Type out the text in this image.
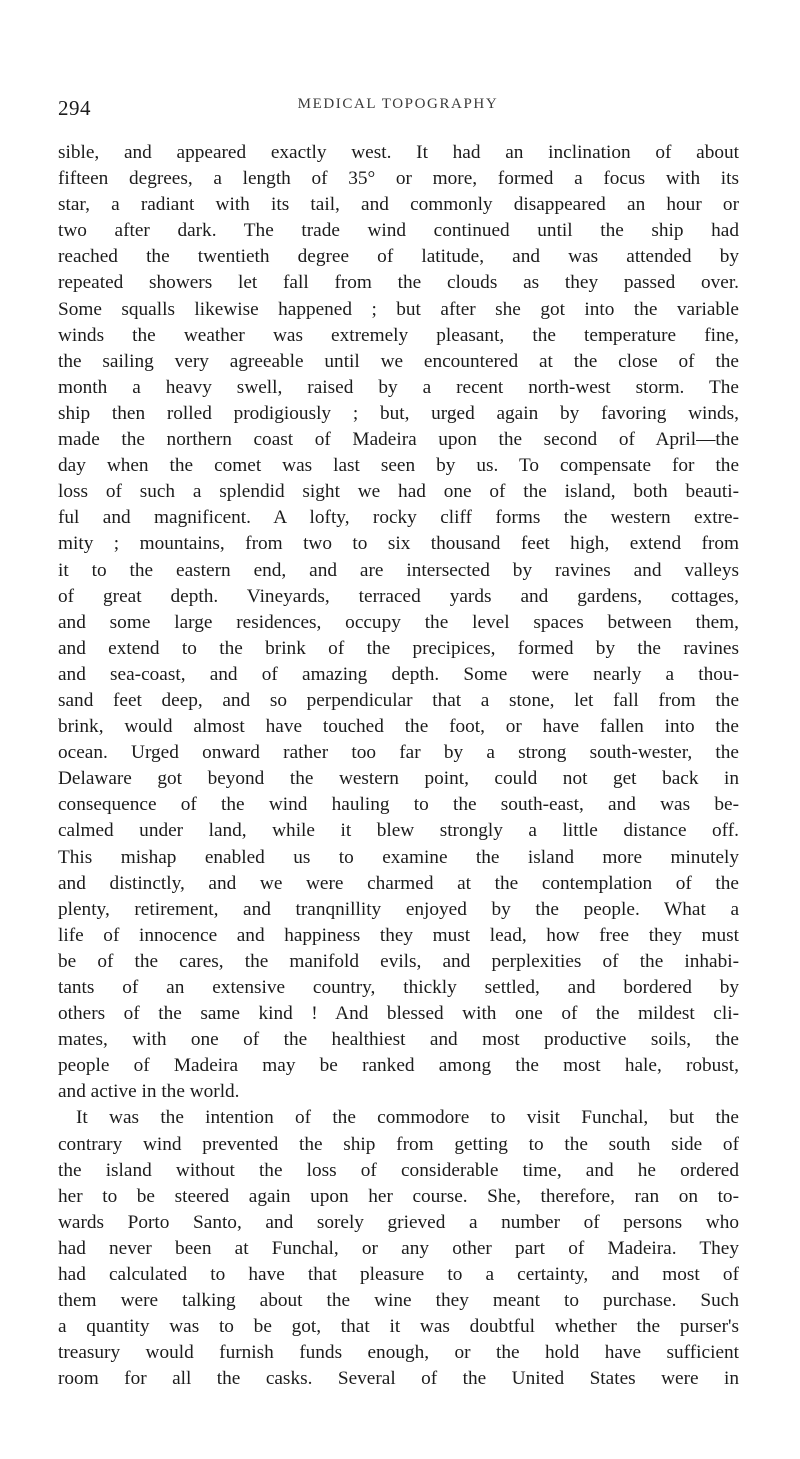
294	MEDICAL TOPOGRAPHY
sible, and appeared exactly west. It had an inclination of about
fifteen degrees, a length of 35° or more, formed a focus with its
star, a radiant with its tail, and commonly disappeared an hour or
two after dark. The trade wind continued until the ship had
reached the twentieth degree of latitude, and was attended by
repeated showers let fall from the clouds as they passed over.
Some squalls likewise happened ; but after she got into the variable
winds the weather was extremely pleasant, the temperature fine,
the sailing very agreeable until we encountered at the close of the
month a heavy swell, raised by a recent north-west storm. The
ship then rolled prodigiously ; but, urged again by favoring winds,
made the northern coast of Madeira upon the second of April—the
day when the comet was last seen by us. To compensate for the
loss of such a splendid sight we had one of the island, both beauti-
ful and magnificent. A lofty, rocky cliff forms the western extre-
mity ; mountains, from two to six thousand feet high, extend from
it to the eastern end, and are intersected by ravines and valleys
of great depth. Vineyards, terraced yards and gardens, cottages,
and some large residences, occupy the level spaces between them,
and extend to the brink of the precipices, formed by the ravines
and sea-coast, and of amazing depth. Some were nearly a thou-
sand feet deep, and so perpendicular that a stone, let fall from the
brink, would almost have touched the foot, or have fallen into the
ocean. Urged onward rather too far by a strong south-wester, the
Delaware got beyond the western point, could not get back in
consequence of the wind hauling to the south-east, and was be-
calmed under land, while it blew strongly a little distance off.
This mishap enabled us to examine the island more minutely
and distinctly, and we were charmed at the contemplation of the
plenty, retirement, and tranqnillity enjoyed by the people. What a
life of innocence and happiness they must lead, how free they must
be of the cares, the manifold evils, and perplexities of the inhabi-
tants of an extensive country, thickly settled, and bordered by
others of the same kind ! And blessed with one of the mildest cli-
mates, with one of the healthiest and most productive soils, the
people of Madeira may be ranked among the most hale, robust,
and active in the world.
It was the intention of the commodore to visit Funchal, but the
contrary wind prevented the ship from getting to the south side of
the island without the loss of considerable time, and he ordered
her to be steered again upon her course. She, therefore, ran on to-
wards Porto Santo, and sorely grieved a number of persons who
had never been at Funchal, or any other part of Madeira. They
had calculated to have that pleasure to a certainty, and most of
them were talking about the wine they meant to purchase. Such
a quantity was to be got, that it was doubtful whether the purser's
treasury would furnish funds enough, or the hold have sufficient
room for all the casks. Several of the United States were in
